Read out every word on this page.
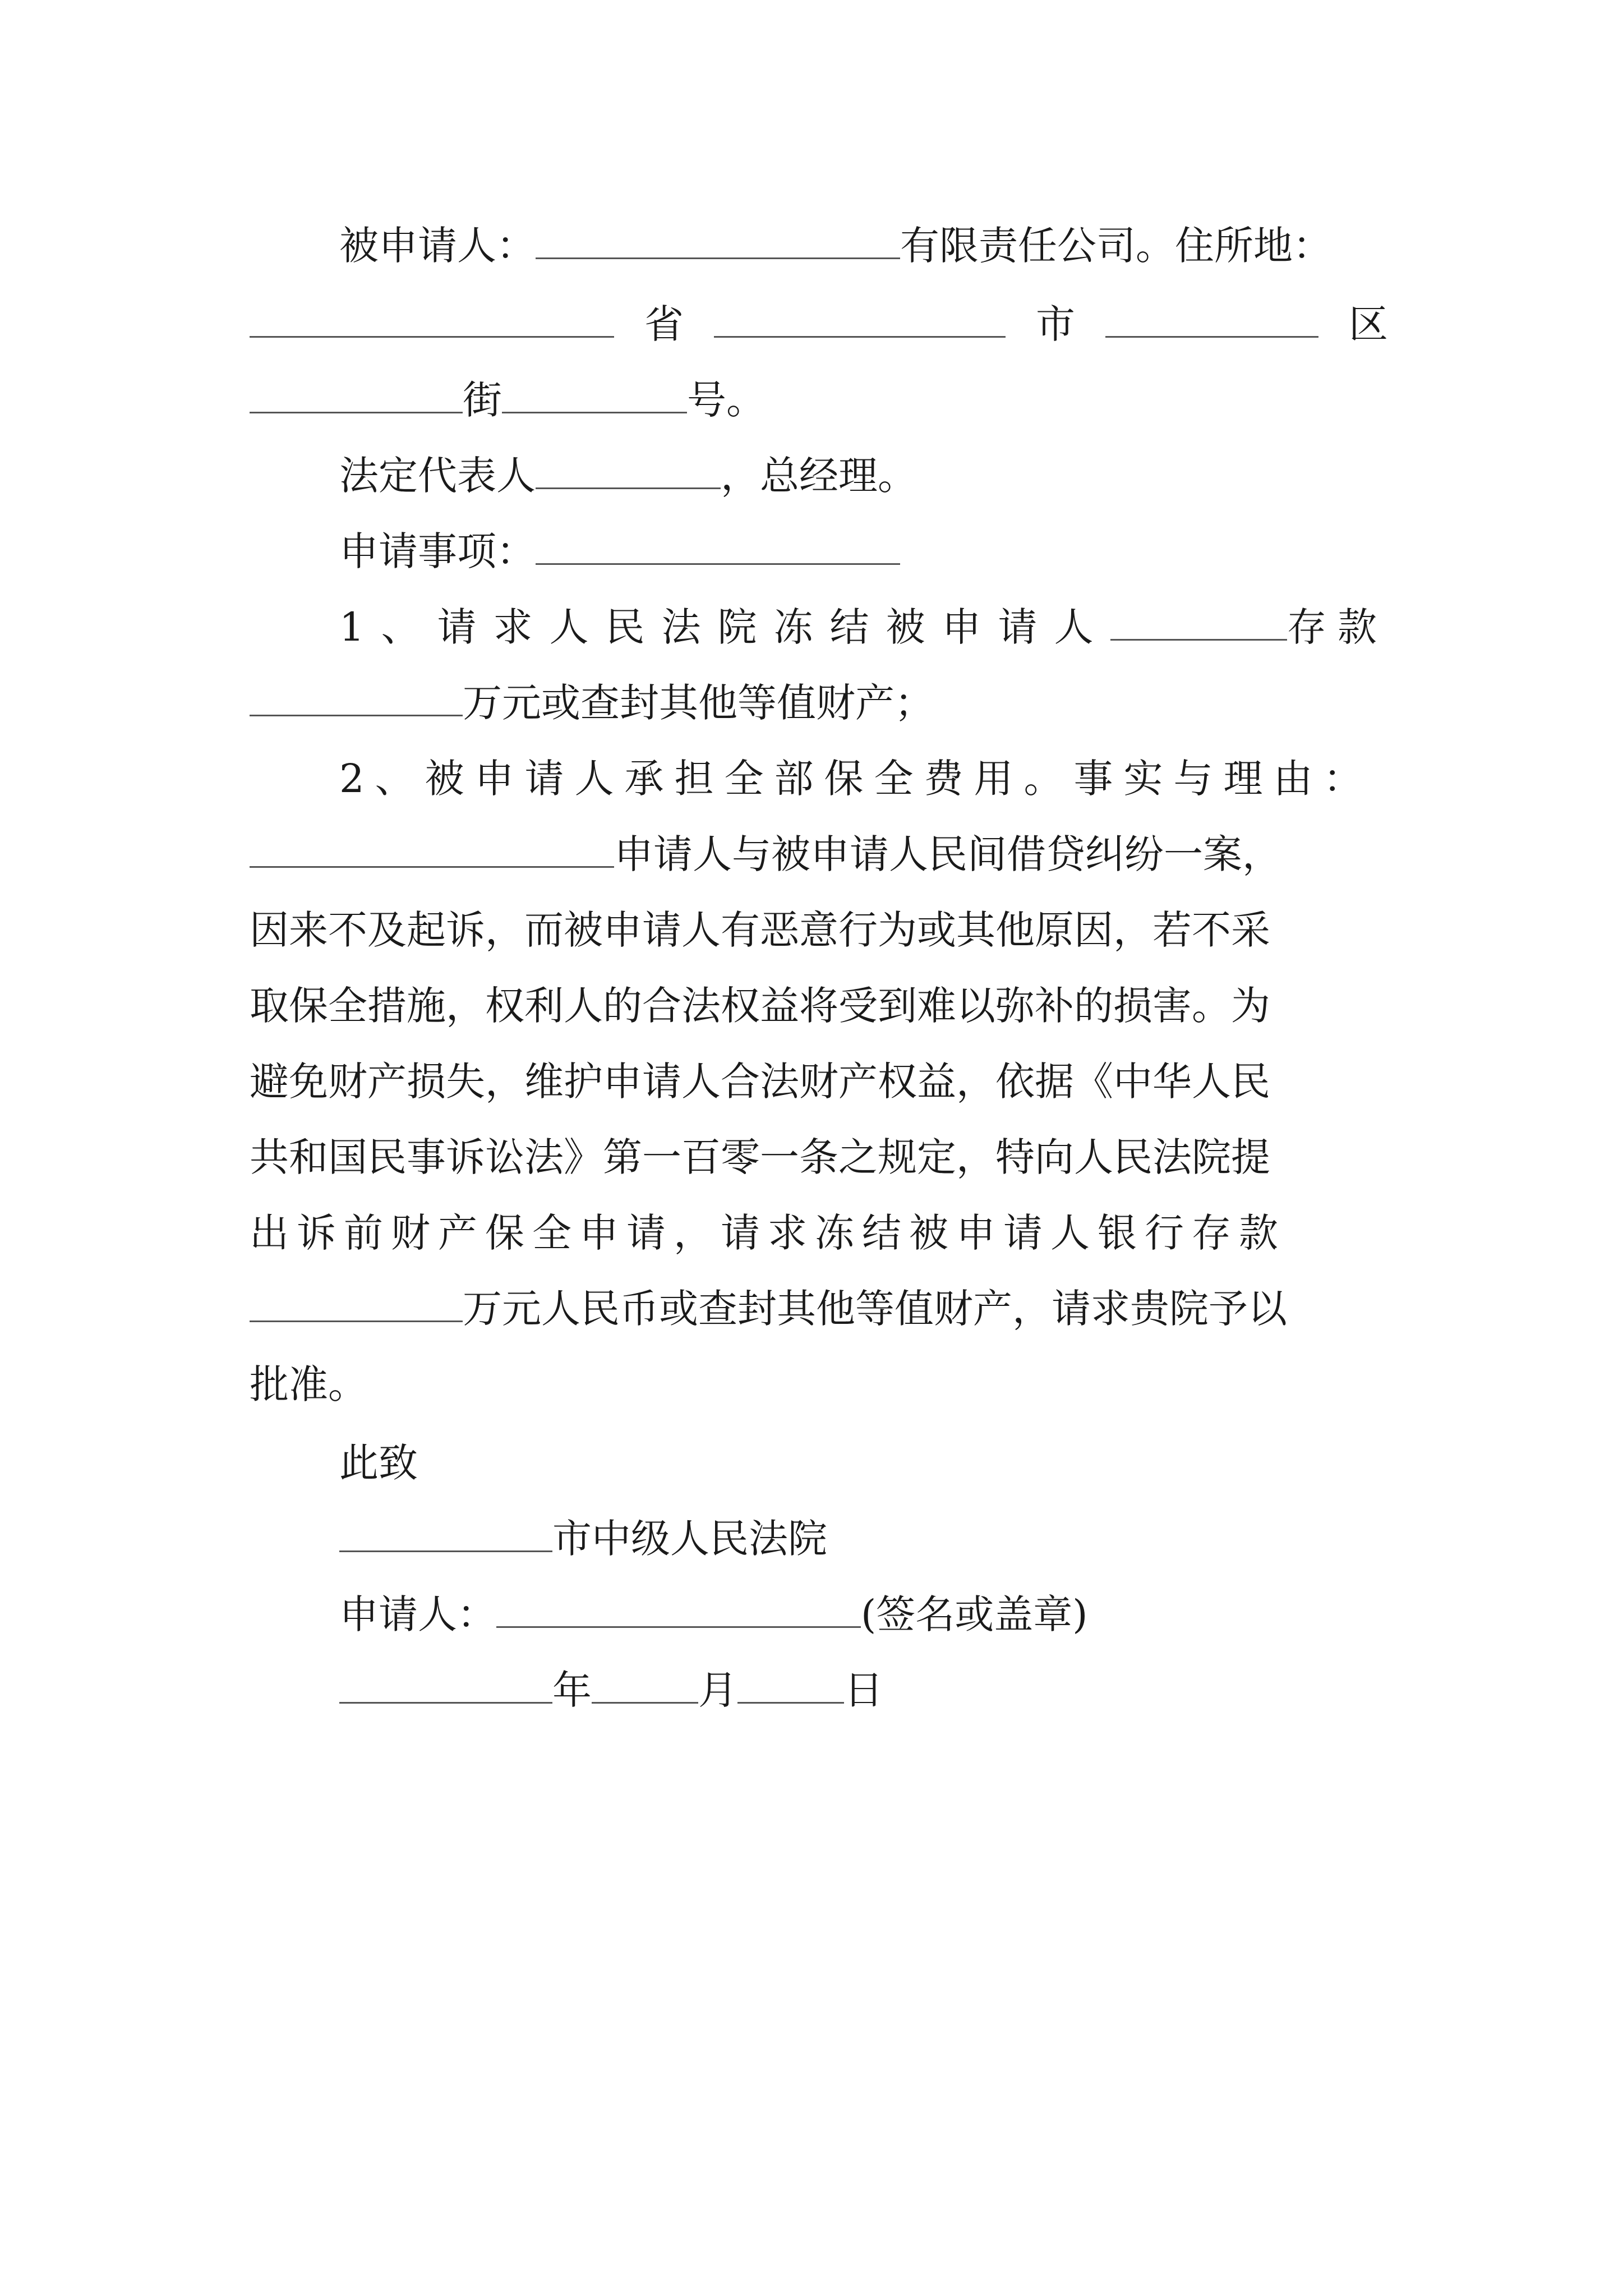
被申请人：	有限责任公司。住所地：
省	市	区
街	号。
法定代表人	，总经理。
申请事项：
1、请求人民法院冻结被申请人	存款
万元或查封其他等值财产；
2、被申请人承担全部保全费用。事实与理由：
申请人与被申请人民间借贷纠纷一案，
因来不及起诉，而被申请人有恶意行为或其他原因，若不采
取保全措施，权利人的合法权益将受到难以弥补的损害。为
避免财产损失，维护申请人合法财产权益，依据《中华人民
共和国民事诉讼法》第一百零一条之规定，特向人民法院提
出诉前财产保全申请，请求冻结被申请人银行存款
万元人民币或查封其他等值财产，请求贵院予以
批准。
此致
市中级人民法院
申请人：	(签名或盖章)
年	月	日
